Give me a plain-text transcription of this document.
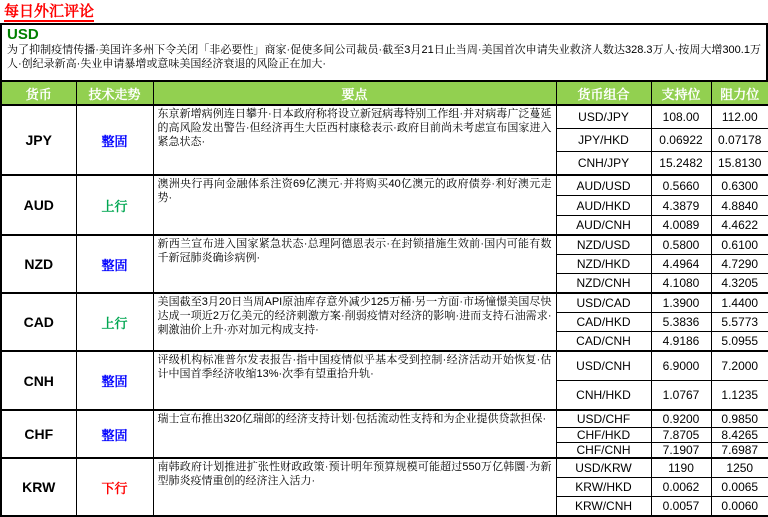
每日外汇评论
USD

为了抑制疫情传播·美国许多州下令关闭「非必要性」商家·促使多间公司裁员·截至3月21日止当周·美国首次申请失业救济人数达328.3万人·按周大增300.1万人·创纪录新高·失业申请暴增或意味美国经济衰退的风险正在加大·

货币	技术走势	要点	货币组合	支持位	阻力位
JPY	整固	东京新增病例连日攀升·日本政府称将设立新冠病毒特别工作组·并对病毒广泛蔓延的高风险发出警告·但经济再生大臣西村康稔表示·政府目前尚未考虑宣布国家进入紧急状态·	USD/JPY	108.00	112.00
			JPY/HKD	0.06922	0.07178
			CNH/JPY	15.2482	15.8130
AUD	上行	澳洲央行再向金融体系注资69亿澳元·并将购买40亿澳元的政府债券·利好澳元走势·	AUD/USD	0.5660	0.6300
			AUD/HKD	4.3879	4.8840
			AUD/CNH	4.0089	4.4622
NZD	整固	新西兰宣布进入国家紧急状态·总理阿德恩表示·在封锁措施生效前·国内可能有数千新冠肺炎确诊病例·	NZD/USD	0.5800	0.6100
			NZD/HKD	4.4964	4.7290
			NZD/CNH	4.1080	4.3205
CAD	上行	美国截至3月20日当周API原油库存意外减少125万桶·另一方面·市场憧憬美国尽快达成一项近2万亿美元的经济刺激方案·削弱疫情对经济的影响·进而支持石油需求·刺激油价上升·亦对加元构成支持·	USD/CAD	1.3900	1.4400
			CAD/HKD	5.3836	5.5773
			CAD/CNH	4.9186	5.0955
CNH	整固	评级机构标准普尔发表报告·指中国疫情似乎基本受到控制·经济活动开始恢复·估计中国首季经济收缩13%·次季有望重拾升轨·	USD/CNH	6.9000	7.2000
			CNH/HKD	1.0767	1.1235
CHF	整固	瑞士宣布推出320亿瑞郎的经济支持计划·包括流动性支持和为企业提供贷款担保·	USD/CHF	0.9200	0.9850
			CHF/HKD	7.8705	8.4265
			CHF/CNH	7.1907	7.6987
KRW	下行	南韩政府计划推进扩张性财政政策·预计明年预算规模可能超过550万亿韩圜·为新型肺炎疫情重创的经济注入活力·	USD/KRW	1190	1250
			KRW/HKD	0.0062	0.0065
			KRW/CNH	0.0057	0.0060
